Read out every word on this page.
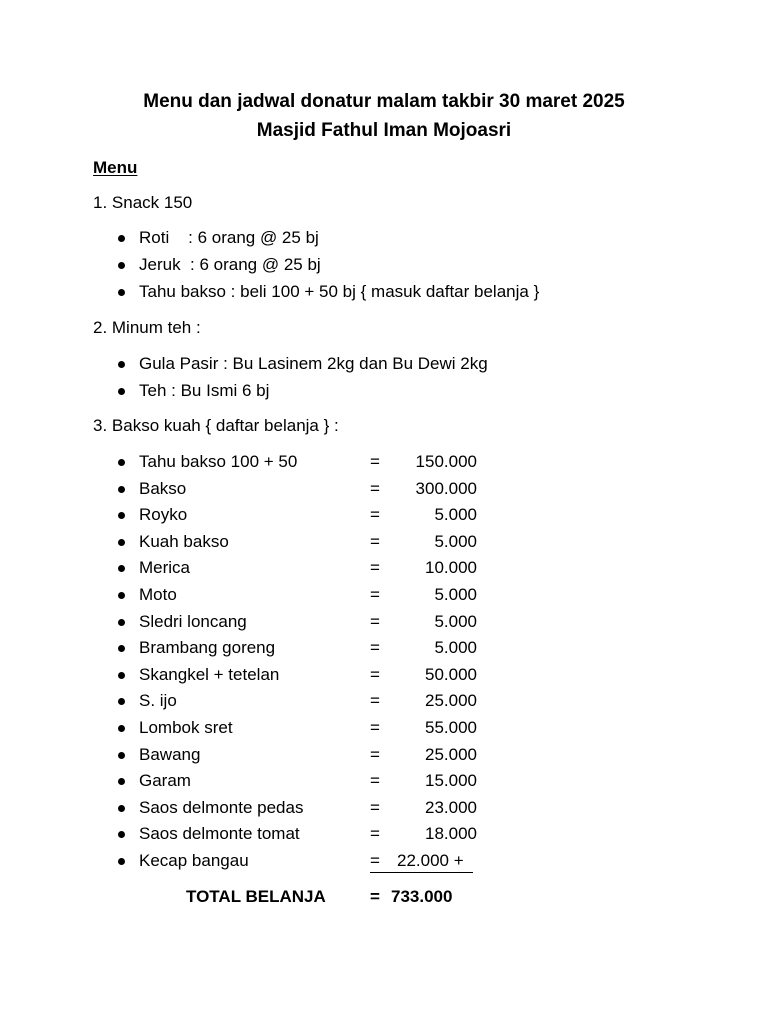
Menu dan jadwal donatur malam takbir 30 maret 2025
Masjid Fathul Iman Mojoasri
Menu
1. Snack 150
Roti    : 6 orang @ 25 bj
Jeruk  : 6 orang @ 25 bj
Tahu bakso : beli 100 + 50 bj { masuk daftar belanja }
2. Minum teh :
Gula Pasir : Bu Lasinem 2kg dan Bu Dewi 2kg
Teh : Bu Ismi 6 bj
3. Bakso kuah { daftar belanja } :
Tahu bakso 100 + 50	=	150.000
Bakso	=	300.000
Royko	=	5.000
Kuah bakso	=	5.000
Merica	=	10.000
Moto	=	5.000
Sledri loncang	=	5.000
Brambang goreng	=	5.000
Skangkel + tetelan	=	50.000
S. ijo	=	25.000
Lombok sret	=	55.000
Bawang	=	25.000
Garam	=	15.000
Saos delmonte pedas	=	23.000
Saos delmonte tomat	=	18.000
Kecap bangau	= 22.000 +
TOTAL BELANJA	= 733.000
